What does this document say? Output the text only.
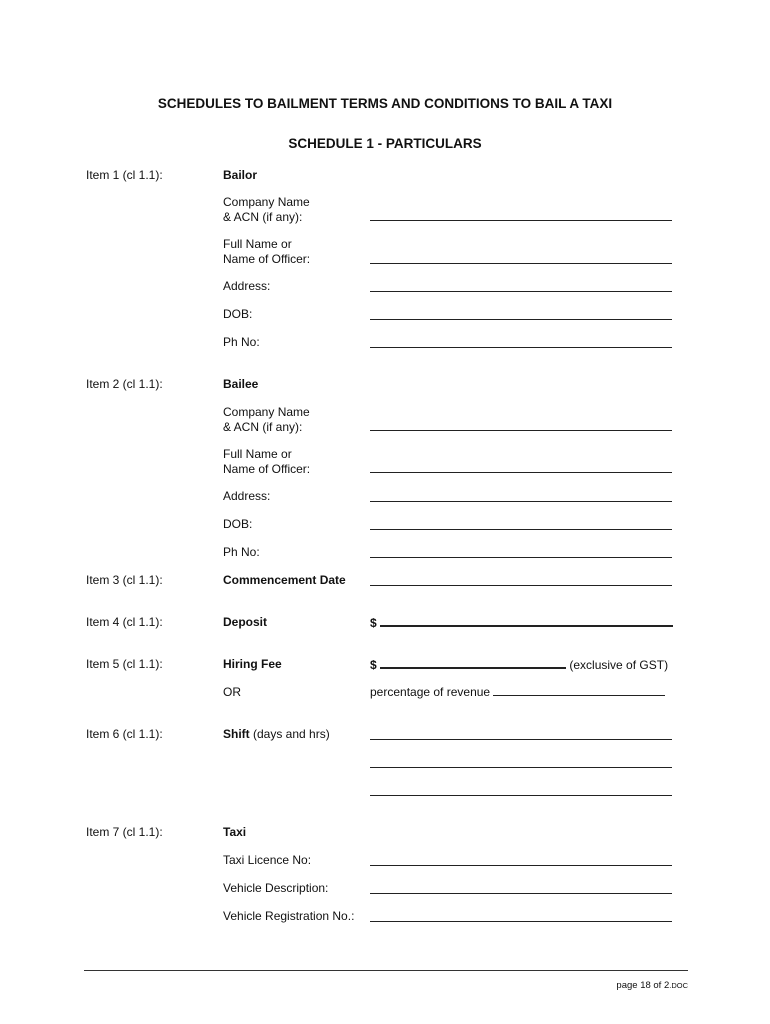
SCHEDULES TO BAILMENT TERMS AND CONDITIONS TO BAIL A TAXI
SCHEDULE 1 - PARTICULARS
Item 1 (cl 1.1):	Bailor
Company Name
& ACN (if any):
Full Name or
Name of Officer:
Address:
DOB:
Ph No:
Item 2 (cl 1.1):	Bailee
Company Name
& ACN (if any):
Full Name or
Name of Officer:
Address:
DOB:
Ph No:
Item 3 (cl 1.1):	Commencement Date
Item 4 (cl 1.1):	Deposit	$
Item 5 (cl 1.1):	Hiring Fee	$	(exclusive of GST)
OR	percentage of revenue
Item 6 (cl 1.1):	Shift (days and hrs)
Item 7 (cl 1.1):	Taxi
Taxi Licence No:
Vehicle Description:
Vehicle Registration No.:
page 18 of 2.DOC
